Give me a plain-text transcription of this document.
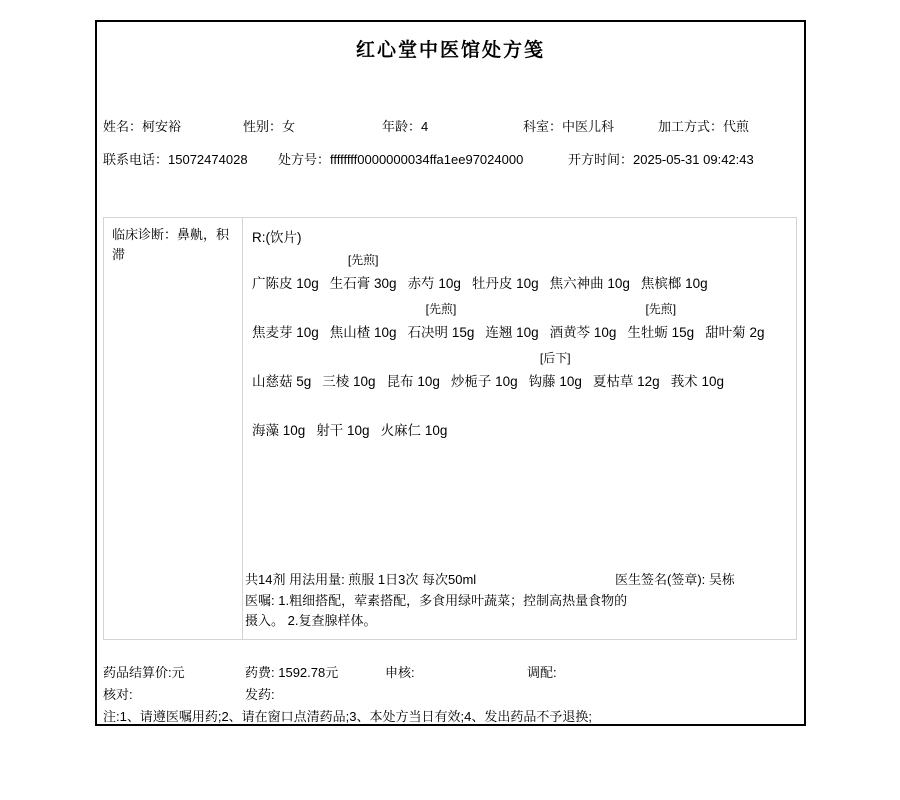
红心堂中医馆处方笺
姓名：柯安裕	性别：女	年龄：4	科室：中医儿科	加工方式：代煎
联系电话：15072474028 处方号：ffffffff0000000034ffa1ee97024000	开方时间：2025-05-31 09:42:43
临床诊断：鼻鼽，积滞
R:(饮片)
广陈皮 10g
[先煎]
生石膏 30g 赤芍 10g 牡丹皮 10g 焦六神曲 10g 焦槟榔 10g
焦麦芽 10g 焦山楂 10g
[先煎]
石决明 15g 连翘 10g 酒黄芩 10g
[先煎]
生牡蛎 15g 甜叶菊 2g
山慈菇 5g 三棱 10g 昆布 10g 炒栀子 10g
[后下]
钩藤 10g 夏枯草 12g 莪术 10g
海藻 10g 射干 10g 火麻仁 10g
共14剂 用法用量: 煎服 1日3次 每次50ml	医生签名(签章): 吴栋
医嘱: 1.粗细搭配，荤素搭配，多食用绿叶蔬菜；控制高热量食物的摄入。 2.复查腺样体。
药品结算价:元	药费: 1592.78元	申核:	调配:
核对:	发药:
注:1、请遵医嘱用药;2、请在窗口点清药品;3、本处方当日有效;4、发出药品不予退换;
